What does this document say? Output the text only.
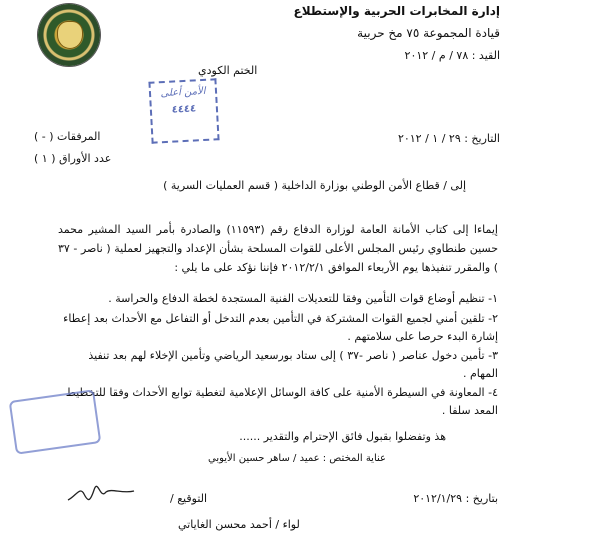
إدارة المخابرات الحربية والإستطلاع
قيادة المجموعة ٧٥ مخ حربية
القيد : ٧٨ / م / ٢٠١٢
الختم الكودي
الأمن أعلى
٤٤٤٤
التاريخ : ٢٩ / ١ / ٢٠١٢
المرفقات ( - )
عدد الأوراق ( ١ )
إلى / قطاع الأمن الوطني بوزارة الداخلية ( قسم العمليات السرية )
إيماءا إلى كتاب الأمانة العامة لوزارة الدفاع رقم (١١٥٩٣) والصادرة بأمر السيد المشير محمد حسين طنطاوي رئيس المجلس الأعلى للقوات المسلحة بشأن الإعداد والتجهيز لعملية ( ناصر - ٣٧ ) والمقرر تنفيذها يوم الأربعاء الموافق ٢٠١٢/٢/١ فإننا نؤكد على ما يلي :
١- تنظيم أوضاع قوات التأمين وفقا للتعديلات الفنية المستجدة لخطة الدفاع والحراسة .
٢- تلقين أمني لجميع القوات المشتركة في التأمين بعدم التدخل أو التفاعل مع الأحداث بعد إعطاء إشارة البدء حرصا على سلامتهم .
٣- تأمين دخول عناصر ( ناصر -٣٧ ) إلى ستاد بورسعيد الرياضي وتأمين الإخلاء لهم بعد تنفيذ المهام .
٤- المعاونة في السيطرة الأمنية على كافة الوسائل الإعلامية لتغطية توابع الأحداث وفقا للتخطيط المعد سلفا .
هذ وتفضلوا بقبول فائق الإحترام والتقدير ......
عناية المختص : عميد / ساهر حسين الأيوبي
بتاريخ : ٢٠١٢/١/٢٩
التوقيع /
لواء / أحمد محسن الغاياتي
